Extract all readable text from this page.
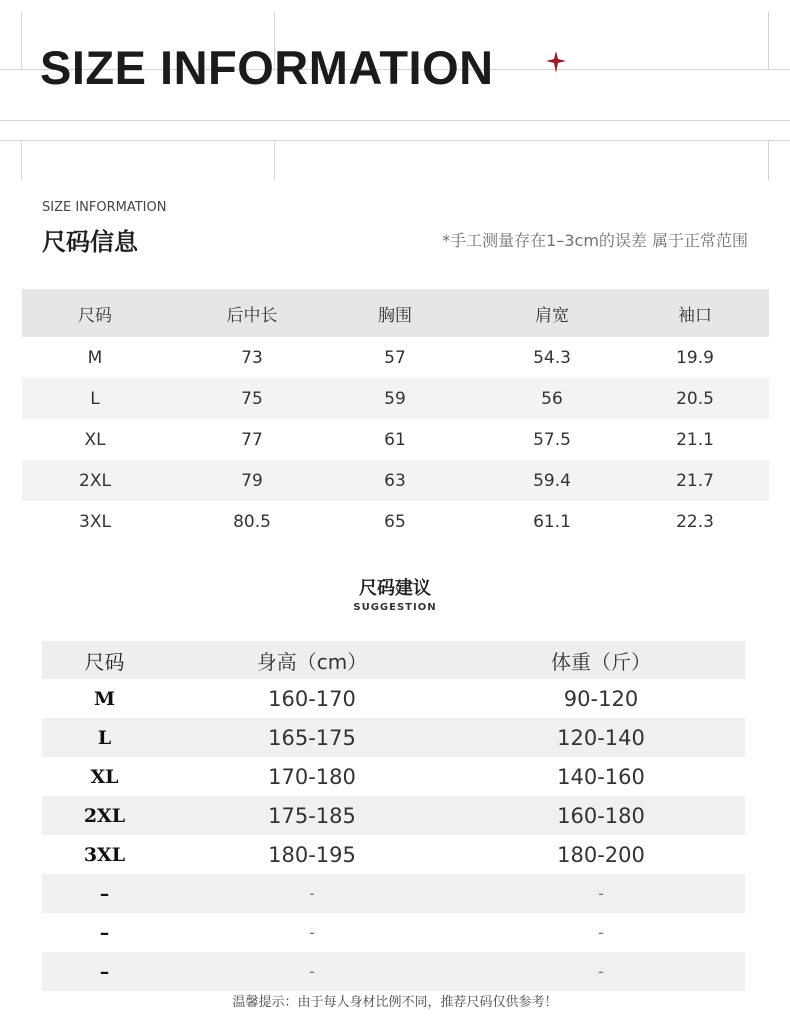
SIZE INFORMATION
SIZE INFORMATION
尺码信息	*手工测量存在1–3cm的误差 属于正常范围
尺码	后中长	胸围	肩宽	袖口
M	73	57	54.3	19.9
L	75	59	56	20.5
XL	77	61	57.5	21.1
2XL	79	63	59.4	21.7
3XL	80.5	65	61.1	22.3
尺码建议
SUGGESTION
尺码	身高（cm）	体重（斤）
M	160-170	90-120
L	165-175	120-140
XL	170-180	140-160
2XL	175-185	160-180
3XL	180-195	180-200
–	-	-
–	-	-
–	-	-
温馨提示：由于每人身材比例不同，推荐尺码仅供参考！
